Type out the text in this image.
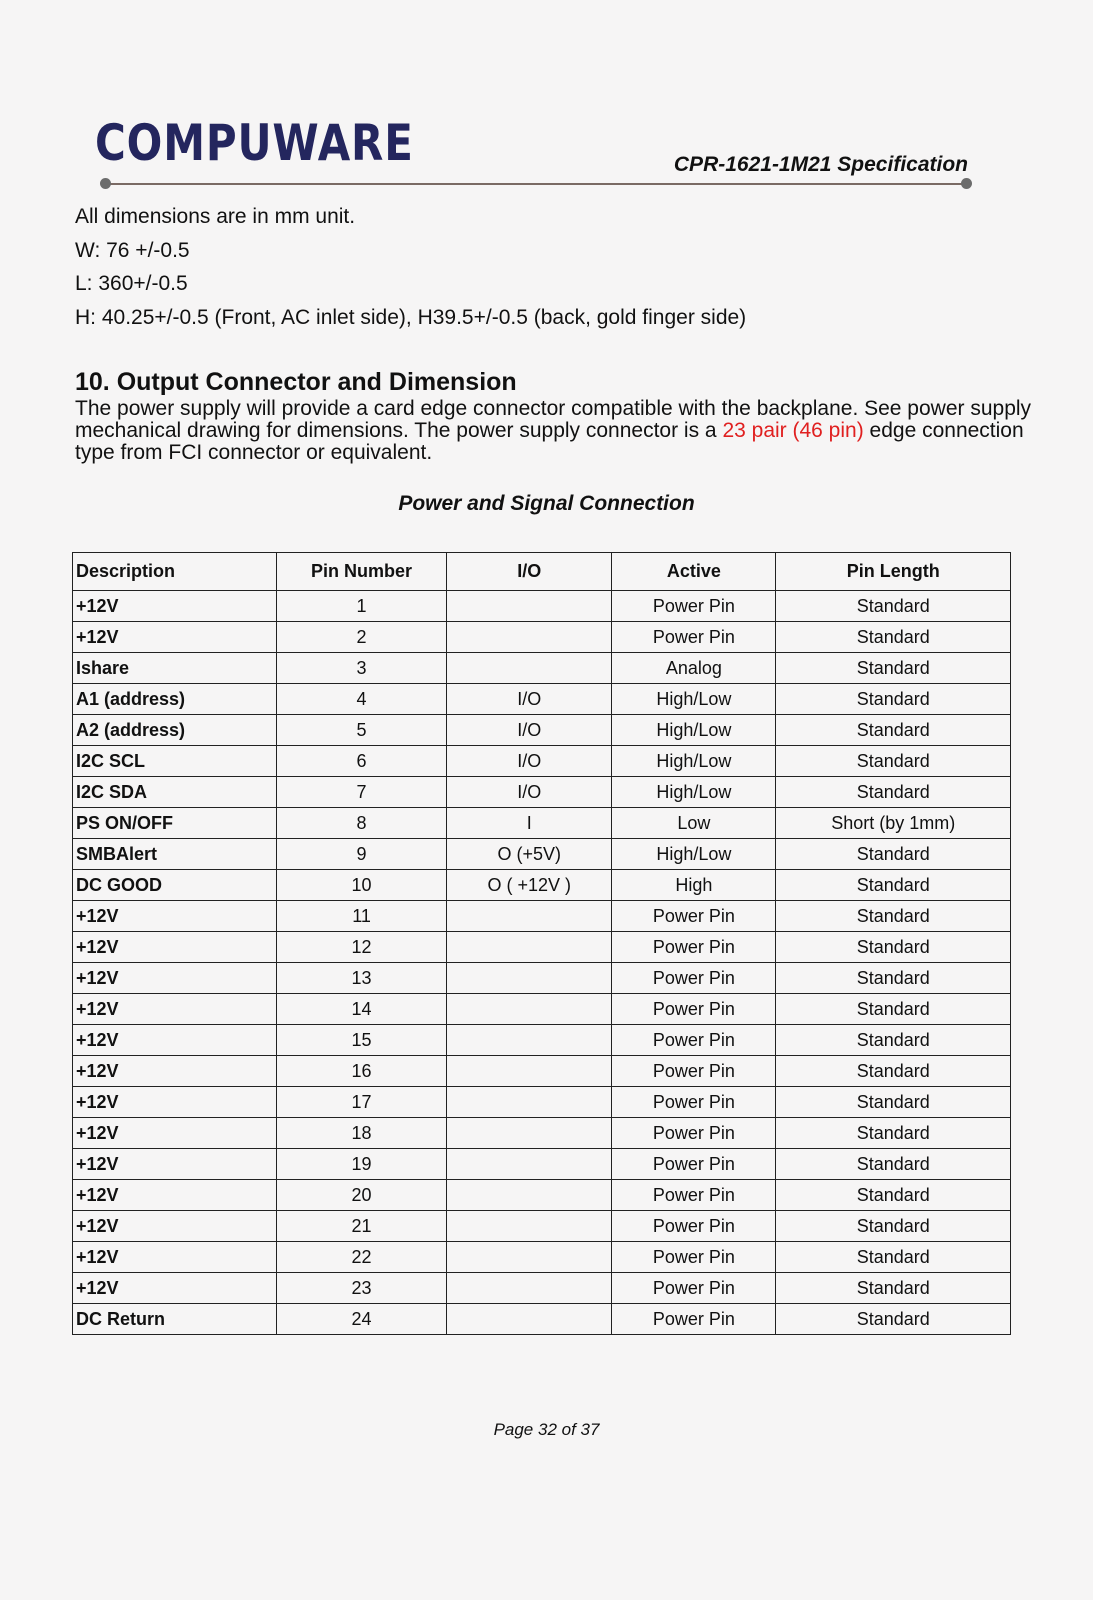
COMPUWARE	CPR-1621-1M21 Specification
All dimensions are in mm unit.
W: 76 +/-0.5
L: 360+/-0.5
H: 40.25+/-0.5 (Front, AC inlet side), H39.5+/-0.5 (back, gold finger side)
10. Output Connector and Dimension

The power supply will provide a card edge connector compatible with the backplane. See power supply mechanical drawing for dimensions. The power supply connector is a 23 pair (46 pin) edge connection type from FCI connector or equivalent.

Power and Signal Connection
Description	Pin Number	I/O	Active	Pin Length
+12V	1		Power Pin	Standard
+12V	2		Power Pin	Standard
Ishare	3		Analog	Standard
A1 (address)	4	I/O	High/Low	Standard
A2 (address)	5	I/O	High/Low	Standard
I2C SCL	6	I/O	High/Low	Standard
I2C SDA	7	I/O	High/Low	Standard
PS ON/OFF	8	I	Low	Short (by 1mm)
SMBAlert	9	O (+5V)	High/Low	Standard
DC GOOD	10	O ( +12V )	High	Standard
+12V	11		Power Pin	Standard
+12V	12		Power Pin	Standard
+12V	13		Power Pin	Standard
+12V	14		Power Pin	Standard
+12V	15		Power Pin	Standard
+12V	16		Power Pin	Standard
+12V	17		Power Pin	Standard
+12V	18		Power Pin	Standard
+12V	19		Power Pin	Standard
+12V	20		Power Pin	Standard
+12V	21		Power Pin	Standard
+12V	22		Power Pin	Standard
+12V	23		Power Pin	Standard
DC Return	24		Power Pin	Standard
Page 32 of 37
